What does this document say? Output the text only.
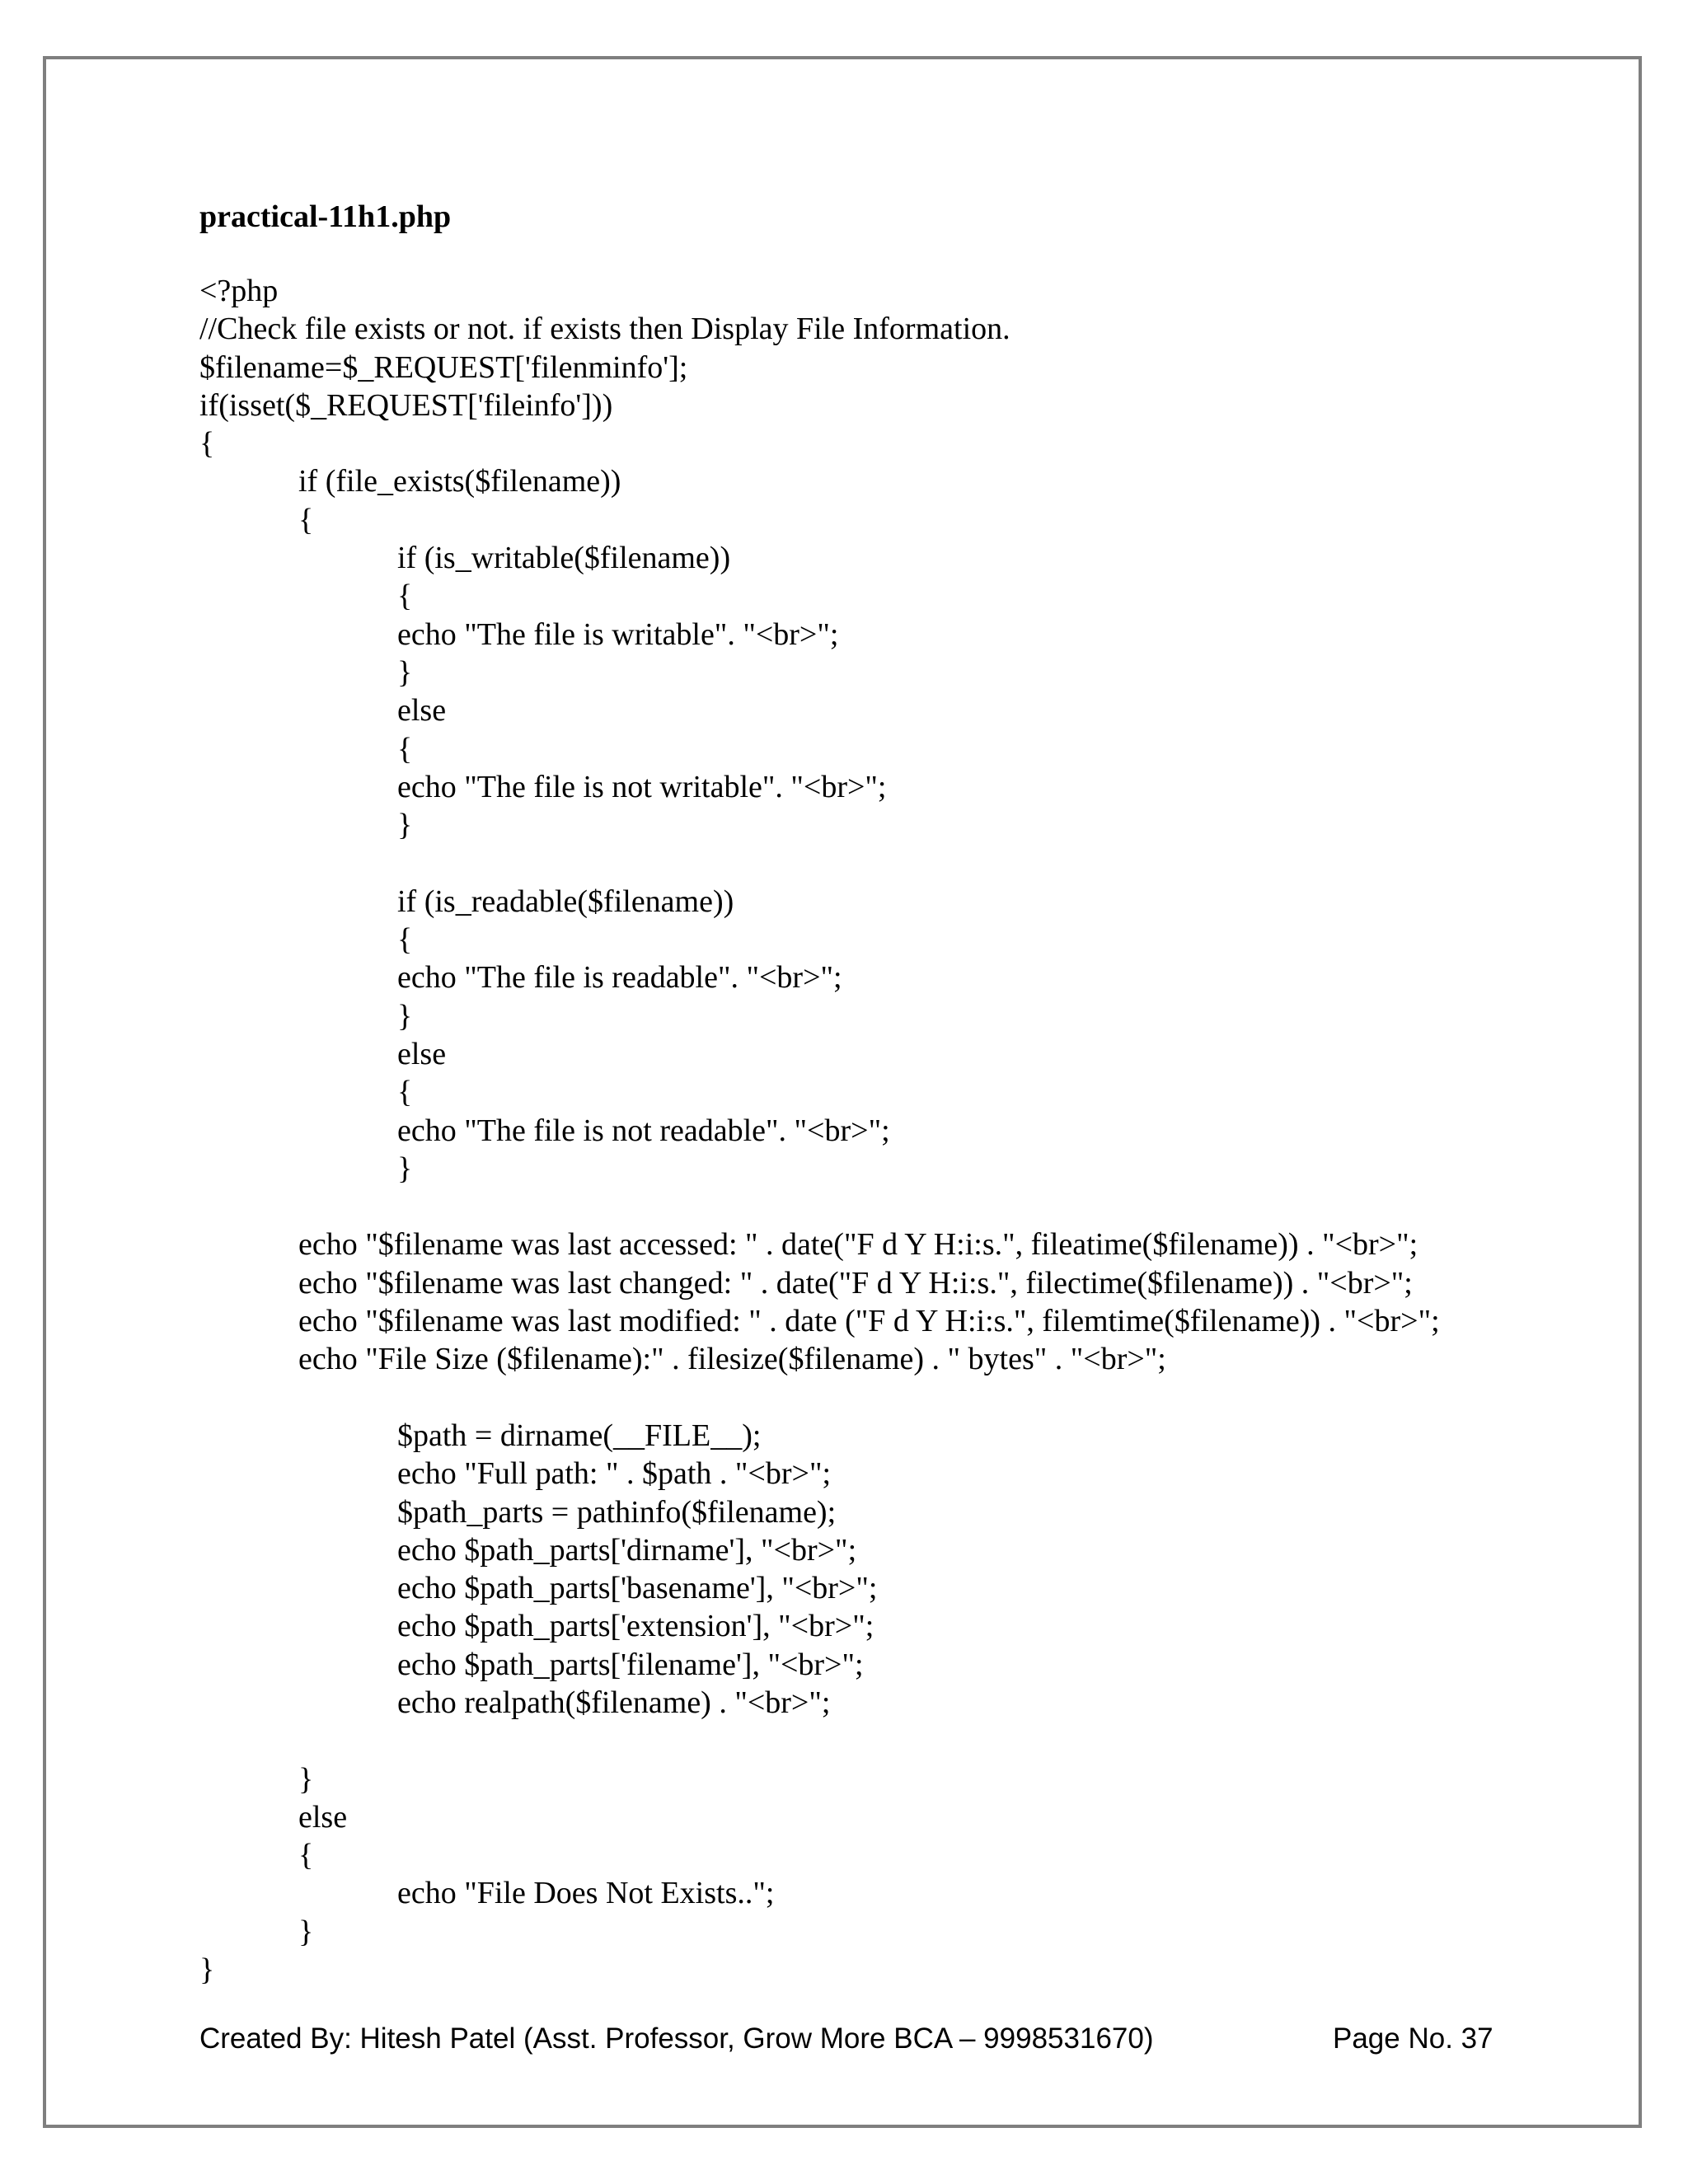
practical-11h1.php
<?php
//Check file exists or not. if exists then Display File Information.
$filename=$_REQUEST['filenminfo'];
if(isset($_REQUEST['fileinfo']))
{
if (file_exists($filename))
{
if (is_writable($filename))
{
echo "The file is writable". "<br>";
}
else
{
echo "The file is not writable". "<br>";
}
if (is_readable($filename))
{
echo "The file is readable". "<br>";
}
else
{
echo "The file is not readable". "<br>";
}
echo "$filename was last accessed: " . date("F d Y H:i:s.", fileatime($filename)) . "<br>";
echo "$filename was last changed: " . date("F d Y H:i:s.", filectime($filename)) . "<br>";
echo "$filename was last modified: " . date ("F d Y H:i:s.", filemtime($filename)) . "<br>";
echo "File Size ($filename):" . filesize($filename) . " bytes" . "<br>";
$path = dirname(__FILE__);
echo "Full path: " . $path . "<br>";
$path_parts = pathinfo($filename);
echo $path_parts['dirname'], "<br>";
echo $path_parts['basename'], "<br>";
echo $path_parts['extension'], "<br>";
echo $path_parts['filename'], "<br>";
echo realpath($filename) . "<br>";
}
else
{
echo "File Does Not Exists..";
}
}
Created By: Hitesh Patel (Asst. Professor, Grow More BCA – 9998531670)	Page No. 37
